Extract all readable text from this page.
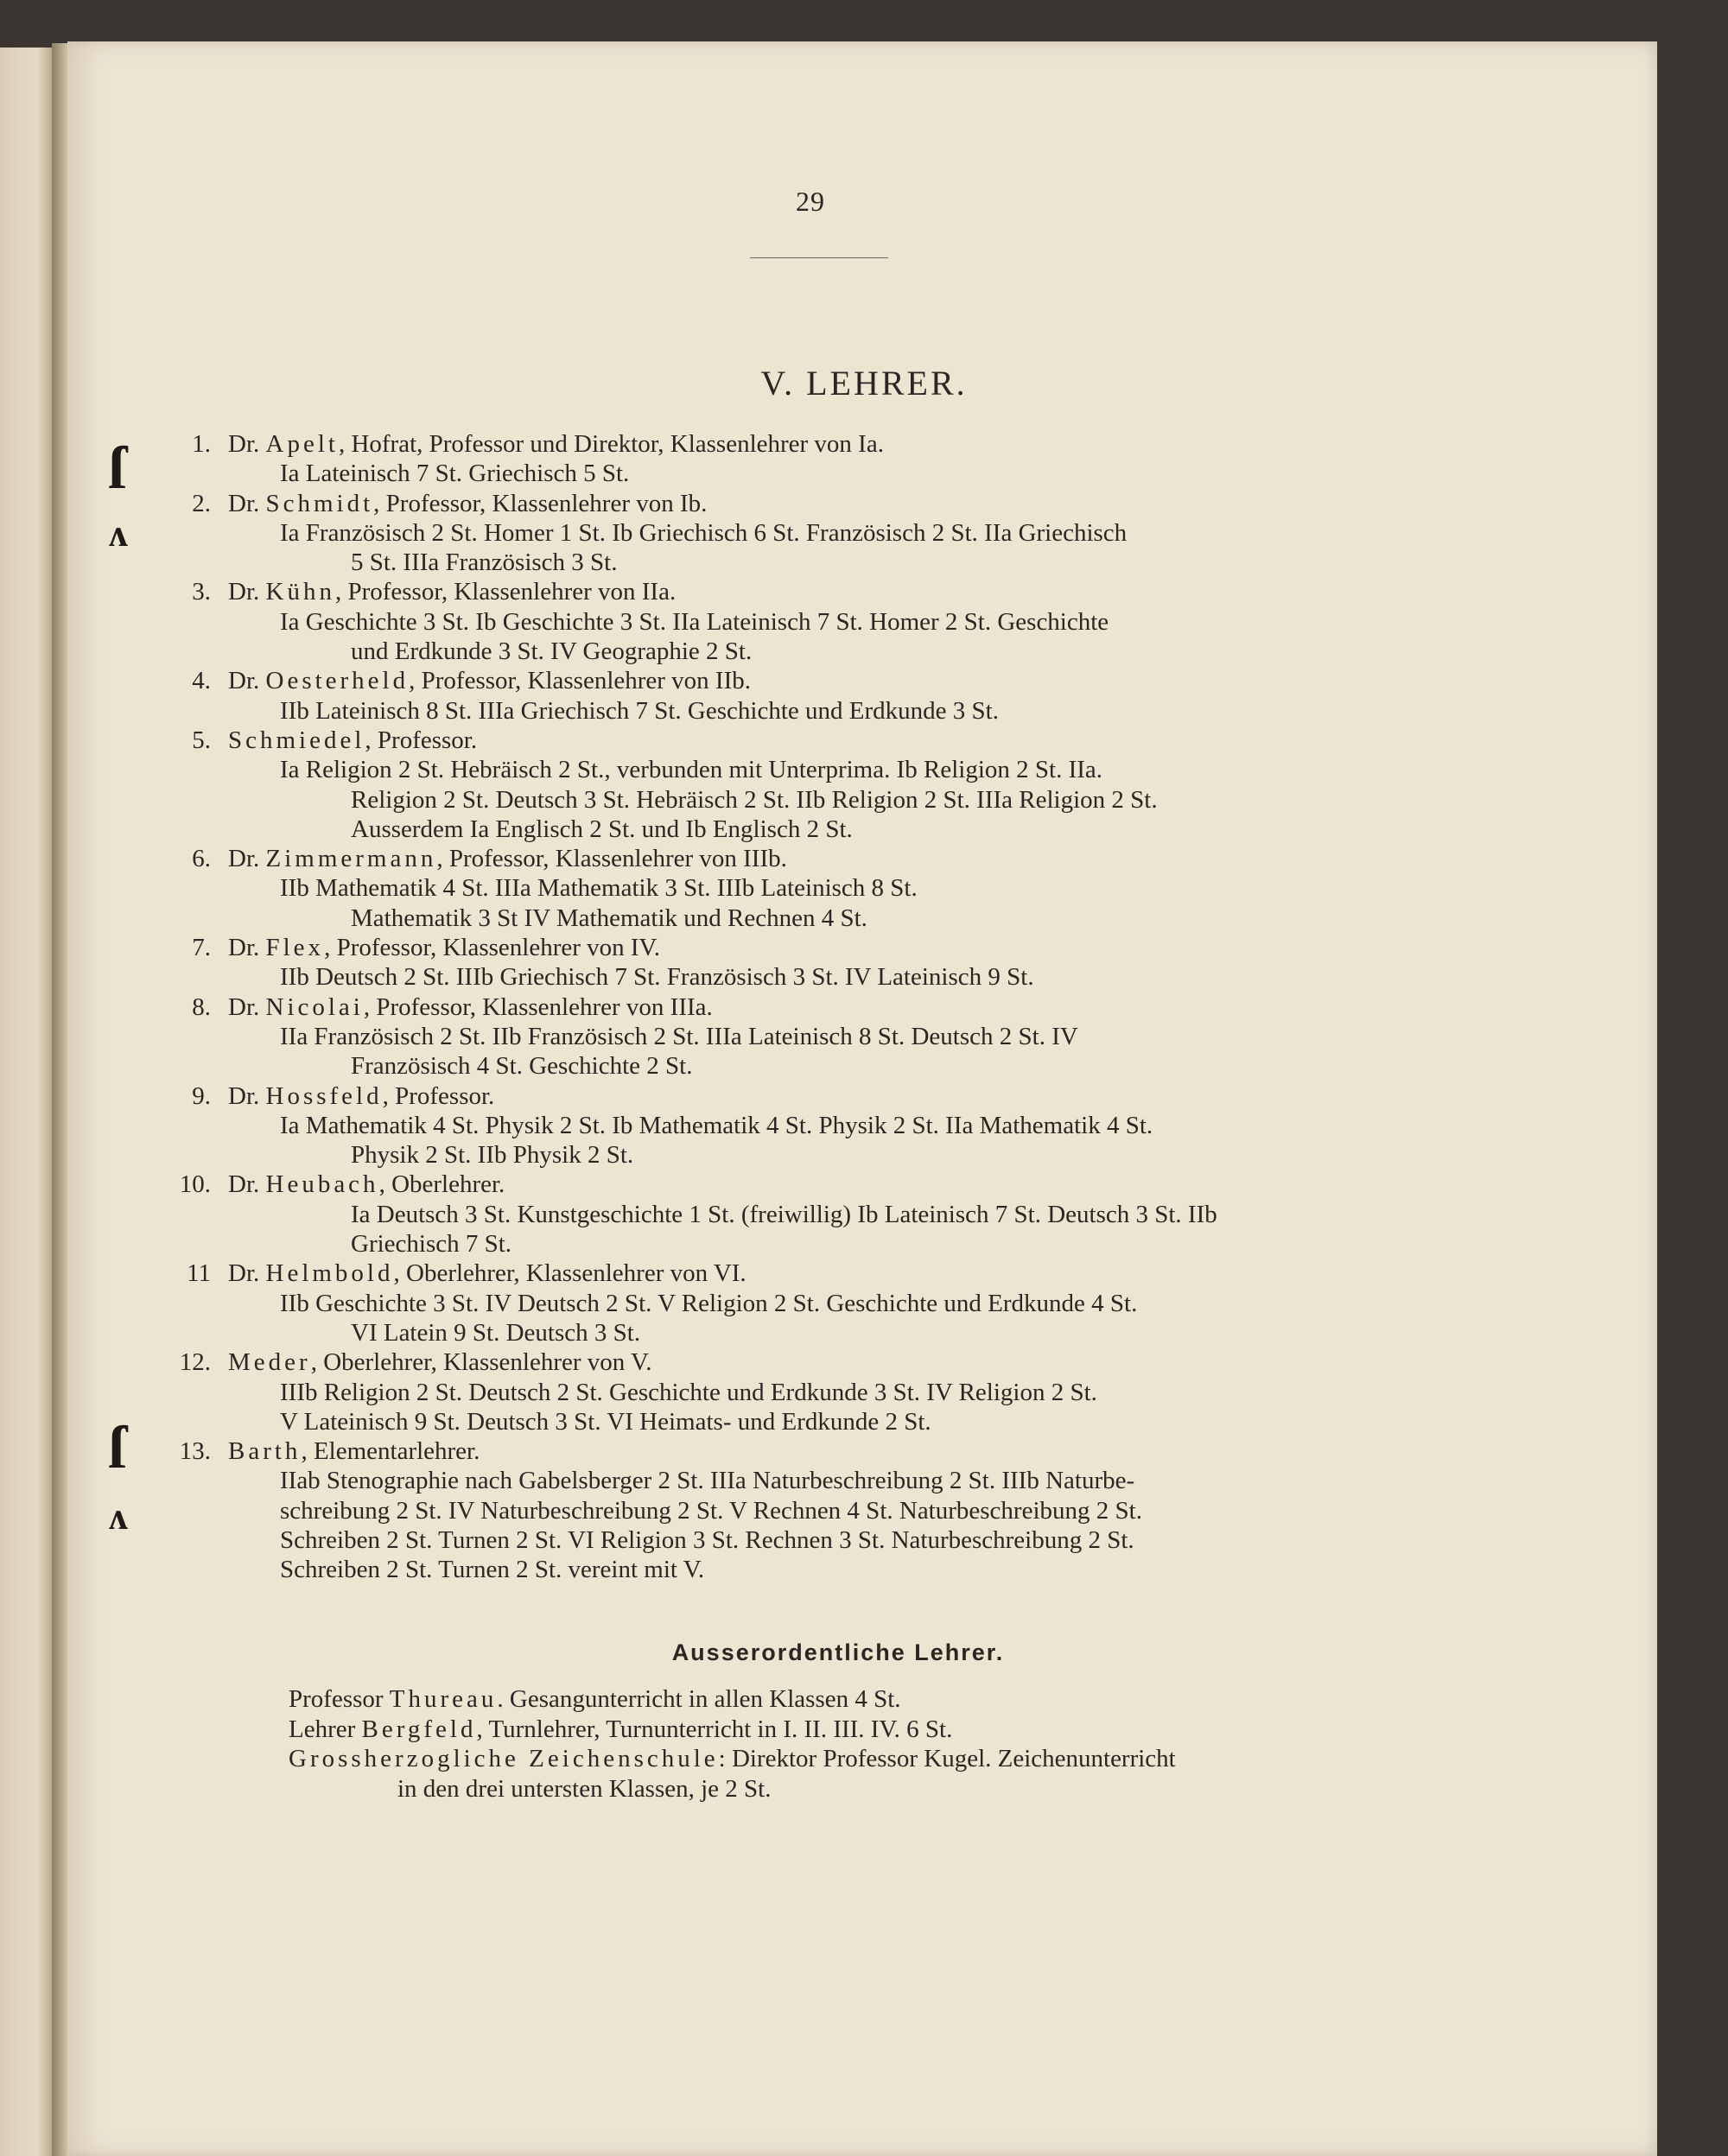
ſ
ʌ
ſ
ʌ
29
V. LEHRER.
1. Dr. Apelt, Hofrat, Professor und Direktor, Klassenlehrer von Ia.
Ia Lateinisch 7 St. Griechisch 5 St.
2. Dr. Schmidt, Professor, Klassenlehrer von Ib.
Ia Französisch 2 St. Homer 1 St. Ib Griechisch 6 St. Französisch 2 St. IIa Griechisch
5 St. IIIa Französisch 3 St.
3. Dr. Kühn, Professor, Klassenlehrer von IIa.
Ia Geschichte 3 St. Ib Geschichte 3 St. IIa Lateinisch 7 St. Homer 2 St. Geschichte
und Erdkunde 3 St. IV Geographie 2 St.
4. Dr. Oesterheld, Professor, Klassenlehrer von IIb.
IIb Lateinisch 8 St. IIIa Griechisch 7 St. Geschichte und Erdkunde 3 St.
5. Schmiedel, Professor.
Ia Religion 2 St. Hebräisch 2 St., verbunden mit Unterprima. Ib Religion 2 St. IIa.
Religion 2 St. Deutsch 3 St. Hebräisch 2 St. IIb Religion 2 St. IIIa Religion 2 St.
Ausserdem Ia Englisch 2 St. und Ib Englisch 2 St.
6. Dr. Zimmermann, Professor, Klassenlehrer von IIIb.
IIb Mathematik 4 St. IIIa Mathematik 3 St. IIIb Lateinisch 8 St.
Mathematik 3 St IV Mathematik und Rechnen 4 St.
7. Dr. Flex, Professor, Klassenlehrer von IV.
IIb Deutsch 2 St. IIIb Griechisch 7 St. Französisch 3 St. IV Lateinisch 9 St.
8. Dr. Nicolai, Professor, Klassenlehrer von IIIa.
IIa Französisch 2 St. IIb Französisch 2 St. IIIa Lateinisch 8 St. Deutsch 2 St. IV
Französisch 4 St. Geschichte 2 St.
9. Dr. Hossfeld, Professor.
Ia Mathematik 4 St. Physik 2 St. Ib Mathematik 4 St. Physik 2 St. IIa Mathematik 4 St.
Physik 2 St. IIb Physik 2 St.
10. Dr. Heubach, Oberlehrer.
Ia Deutsch 3 St. Kunstgeschichte 1 St. (freiwillig) Ib Lateinisch 7 St. Deutsch 3 St. IIb
Griechisch 7 St.
11 Dr. Helmbold, Oberlehrer, Klassenlehrer von VI.
IIb Geschichte 3 St. IV Deutsch 2 St. V Religion 2 St. Geschichte und Erdkunde 4 St.
VI Latein 9 St. Deutsch 3 St.
12. Meder, Oberlehrer, Klassenlehrer von V.
IIIb Religion 2 St. Deutsch 2 St. Geschichte und Erdkunde 3 St. IV Religion 2 St.
V Lateinisch 9 St. Deutsch 3 St. VI Heimats- und Erdkunde 2 St.
13. Barth, Elementarlehrer.
IIab Stenographie nach Gabelsberger 2 St. IIIa Naturbeschreibung 2 St. IIIb Naturbe-
schreibung 2 St. IV Naturbeschreibung 2 St. V Rechnen 4 St. Naturbeschreibung 2 St.
Schreiben 2 St. Turnen 2 St. VI Religion 3 St. Rechnen 3 St. Naturbeschreibung 2 St.
Schreiben 2 St. Turnen 2 St. vereint mit V.
Ausserordentliche Lehrer.
Professor Thureau. Gesangunterricht in allen Klassen 4 St.
Lehrer Bergfeld, Turnlehrer, Turnunterricht in I. II. III. IV. 6 St.
Grossherzogliche Zeichenschule: Direktor Professor Kugel. Zeichenunterricht
in den drei untersten Klassen, je 2 St.
